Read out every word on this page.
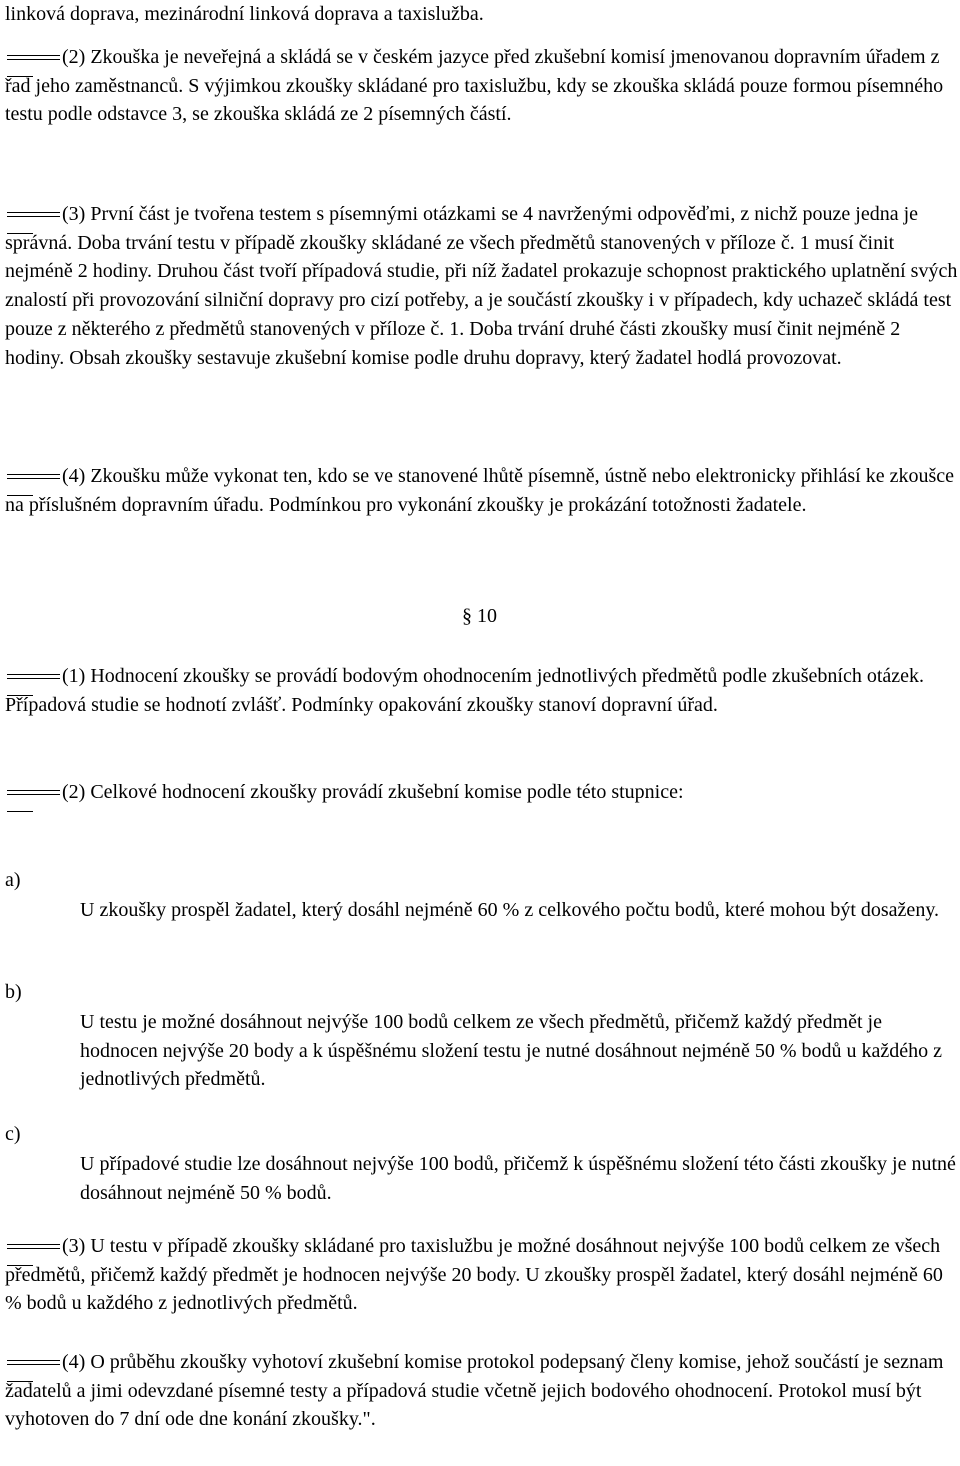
linková doprava, mezinárodní linková doprava a taxislužba.

(2) Zkouška je neveřejná a skládá se v českém jazyce před zkušební komisí jmenovanou dopravním úřadem z řad jeho zaměstnanců. S výjimkou zkoušky skládané pro taxislužbu, kdy se zkouška skládá pouze formou písemného testu podle odstavce 3, se zkouška skládá ze 2 písemných částí.

(3) První část je tvořena testem s písemnými otázkami se 4 navrženými odpověďmi, z nichž pouze jedna je správná. Doba trvání testu v případě zkoušky skládané ze všech předmětů stanovených v příloze č. 1 musí činit nejméně 2 hodiny. Druhou část tvoří případová studie, při níž žadatel prokazuje schopnost praktického uplatnění svých znalostí při provozování silniční dopravy pro cizí potřeby, a je součástí zkoušky i v případech, kdy uchazeč skládá test pouze z některého z předmětů stanovených v příloze č. 1. Doba trvání druhé části zkoušky musí činit nejméně 2 hodiny. Obsah zkoušky sestavuje zkušební komise podle druhu dopravy, který žadatel hodlá provozovat.

(4) Zkoušku může vykonat ten, kdo se ve stanovené lhůtě písemně, ústně nebo elektronicky přihlásí ke zkoušce na příslušném dopravním úřadu. Podmínkou pro vykonání zkoušky je prokázání totožnosti žadatele.

§ 10

(1) Hodnocení zkoušky se provádí bodovým ohodnocením jednotlivých předmětů podle zkušebních otázek. Případová studie se hodnotí zvlášť. Podmínky opakování zkoušky stanoví dopravní úřad.

(2) Celkové hodnocení zkoušky provádí zkušební komise podle této stupnice:

a)
U zkoušky prospěl žadatel, který dosáhl nejméně 60 % z celkového počtu bodů, které mohou být dosaženy.
b)
U testu je možné dosáhnout nejvýše 100 bodů celkem ze všech předmětů, přičemž každý předmět je hodnocen nejvýše 20 body a k úspěšnému složení testu je nutné dosáhnout nejméně 50 % bodů u každého z jednotlivých předmětů.
c)
U případové studie lze dosáhnout nejvýše 100 bodů, přičemž k úspěšnému složení této části zkoušky je nutné dosáhnout nejméně 50 % bodů.

(3) U testu v případě zkoušky skládané pro taxislužbu je možné dosáhnout nejvýše 100 bodů celkem ze všech předmětů, přičemž každý předmět je hodnocen nejvýše 20 body. U zkoušky prospěl žadatel, který dosáhl nejméně 60 % bodů u každého z jednotlivých předmětů.

(4) O průběhu zkoušky vyhotoví zkušební komise protokol podepsaný členy komise, jehož součástí je seznam žadatelů a jimi odevzdané písemné testy a případová studie včetně jejich bodového ohodnocení. Protokol musí být vyhotoven do 7 dní ode dne konání zkoušky.".
